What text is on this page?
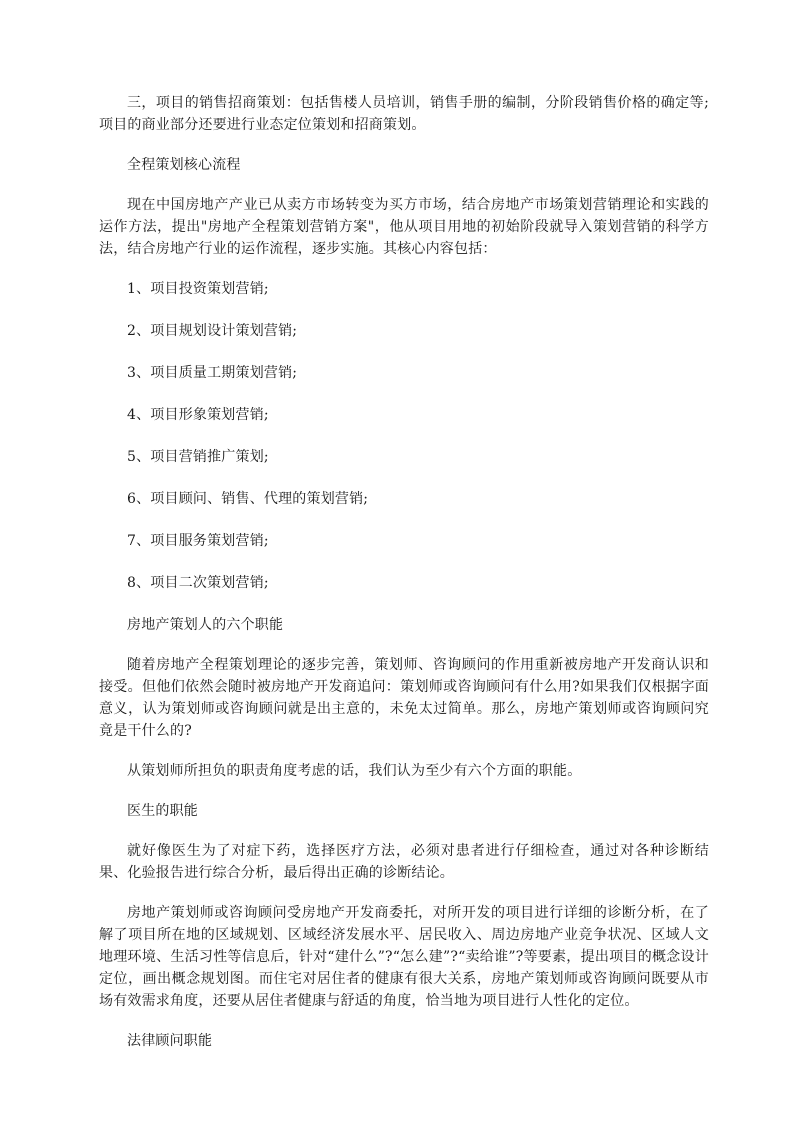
三，项目的销售招商策划：包括售楼人员培训，销售手册的编制，分阶段销售价格的确定等;项目的商业部分还要进行业态定位策划和招商策划。

全程策划核心流程

现在中国房地产产业已从卖方市场转变为买方市场，结合房地产市场策划营销理论和实践的运作方法，提出"房地产全程策划营销方案"，他从项目用地的初始阶段就导入策划营销的科学方法，结合房地产行业的运作流程，逐步实施。其核心内容包括：

1、项目投资策划营销;

2、项目规划设计策划营销;

3、项目质量工期策划营销;

4、项目形象策划营销;

5、项目营销推广策划;

6、项目顾问、销售、代理的策划营销;

7、项目服务策划营销;

8、项目二次策划营销;

房地产策划人的六个职能

随着房地产全程策划理论的逐步完善，策划师、咨询顾问的作用重新被房地产开发商认识和接受。但他们依然会随时被房地产开发商追问：策划师或咨询顾问有什么用?如果我们仅根据字面意义，认为策划师或咨询顾问就是出主意的，未免太过简单。那么，房地产策划师或咨询顾问究竟是干什么的?

从策划师所担负的职责角度考虑的话，我们认为至少有六个方面的职能。

医生的职能

就好像医生为了对症下药，选择医疗方法，必须对患者进行仔细检查，通过对各种诊断结果、化验报告进行综合分析，最后得出正确的诊断结论。

房地产策划师或咨询顾问受房地产开发商委托，对所开发的项目进行详细的诊断分析，在了解了项目所在地的区域规划、区域经济发展水平、居民收入、周边房地产业竞争状况、区域人文地理环境、生活习性等信息后，针对“建什么”?“怎么建”?“卖给谁”?等要素，提出项目的概念设计定位，画出概念规划图。而住宅对居住者的健康有很大关系，房地产策划师或咨询顾问既要从市场有效需求角度，还要从居住者健康与舒适的角度，恰当地为项目进行人性化的定位。

法律顾问职能
